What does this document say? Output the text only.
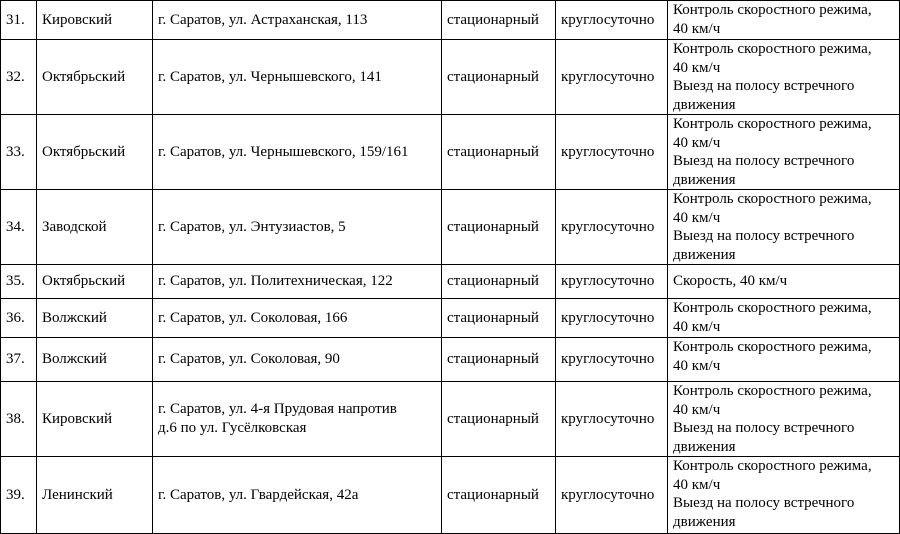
31.	Кировский	г. Саратов, ул. Астраханская, 113	стационарный	круглосуточно	Контроль скоростного режима,
40 км/ч

32.	Октябрьский	г. Саратов, ул. Чернышевского, 141	стационарный	круглосуточно	Контроль скоростного режима,
40 км/ч
Выезд на полосу встречного
движения

33.	Октябрьский	г. Саратов, ул. Чернышевского, 159/161	стационарный	круглосуточно	Контроль скоростного режима,
40 км/ч
Выезд на полосу встречного
движения

34.	Заводской	г. Саратов, ул. Энтузиастов, 5	стационарный	круглосуточно	Контроль скоростного режима,
40 км/ч
Выезд на полосу встречного
движения

35.	Октябрьский	г. Саратов, ул. Политехническая, 122	стационарный	круглосуточно	Скорость, 40 км/ч

36.	Волжский	г. Саратов, ул. Соколовая, 166	стационарный	круглосуточно	Контроль скоростного режима,
40 км/ч

37.	Волжский	г. Саратов, ул. Соколовая, 90	стационарный	круглосуточно	Контроль скоростного режима,
40 км/ч

38.	Кировский	г. Саратов, ул. 4-я Прудовая напротив
д.6 по ул. Гусёлковская	стационарный	круглосуточно	Контроль скоростного режима,
40 км/ч
Выезд на полосу встречного
движения

39.	Ленинский	г. Саратов, ул. Гвардейская, 42а	стационарный	круглосуточно	Контроль скоростного режима,
40 км/ч
Выезд на полосу встречного
движения
